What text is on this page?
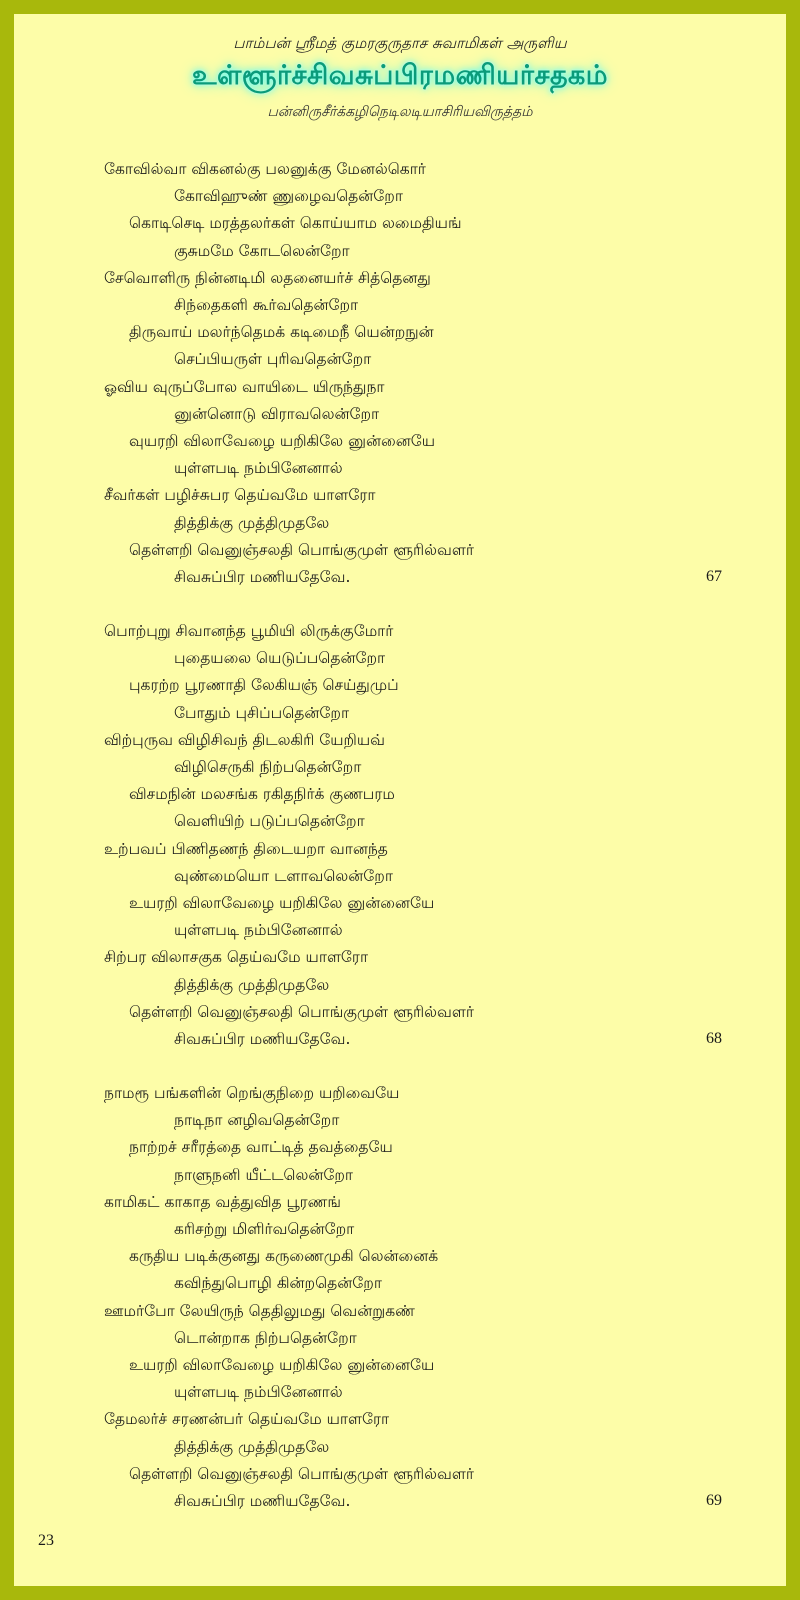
பாம்பன் ஸ்ரீமத் குமரகுருதாச சுவாமிகள் அருளிய
உள்ளூர்ச்சிவசுப்பிரமணியர்சதகம்
பன்னிருசீர்க்கழிநெடிலடியாசிரியவிருத்தம்
கோவில்வா விகனல்கு பலனுக்கு மேனல்கொர்
கோவிஹுண் ணுழைவதென்றோ
கொடிசெடி மரத்தலர்கள் கொய்யாம லமைதியங்
குசுமமே கோடலென்றோ
சேவொளிரு நின்னடிமி லதனையர்ச் சித்தெனது
சிந்தைகளி கூர்வதென்றோ
திருவாய் மலர்ந்தெமக் கடிமைநீ யென்றநுன்
செப்பியருள் புரிவதென்றோ
ஓவிய வுருப்போல வாயிடை யிருந்துநா
னுன்னொடு விராவலென்றோ
வுயரறி விலாவேழை யறிகிலே னுன்னையே
யுள்ளபடி நம்பினேனால்
சீவர்கள் பழிச்சுபர தெய்வமே யாளரோ
தித்திக்கு முத்திமுதலே
தெள்ளறி வெனுஞ்சலதி பொங்குமுள் ளூரில்வளர்
சிவசுப்பிர மணியதேவே.	67
பொற்புறு சிவானந்த பூமியி லிருக்குமோர்
புதையலை யெடுப்பதென்றோ
புகரற்ற பூரணாதி லேகியஞ் செய்துமுப்
போதும் புசிப்பதென்றோ
விற்புருவ விழிசிவந் திடலகிரி யேறியவ்
விழிசெருகி நிற்பதென்றோ
விசமநின் மலசங்க ரகிதநிர்க் குணபரம
வெளியிற் படுப்பதென்றோ
உற்பவப் பிணிதணந் திடையறா வானந்த
வுண்மையொ டளாவலென்றோ
உயரறி விலாவேழை யறிகிலே னுன்னையே
யுள்ளபடி நம்பினேனால்
சிற்பர விலாசகுக தெய்வமே யாளரோ
தித்திக்கு முத்திமுதலே
தெள்ளறி வெனுஞ்சலதி பொங்குமுள் ளூரில்வளர்
சிவசுப்பிர மணியதேவே.	68
நாமரூ பங்களின் றெங்குநிறை யறிவையே
நாடிநா னழிவதென்றோ
நாற்றச் சரீரத்தை வாட்டித் தவத்தையே
நாளுநனி யீட்டலென்றோ
காமிகட் காகாத வத்துவித பூரணங்
கரிசற்று மிளிர்வதென்றோ
கருதிய படிக்குனது கருணைமுகி லென்னைக்
கவிந்துபொழி கின்றதென்றோ
ஊமர்போ லேயிருந் தெதிலுமது வென்றுகண்
டொன்றாக நிற்பதென்றோ
உயரறி விலாவேழை யறிகிலே னுன்னையே
யுள்ளபடி நம்பினேனால்
தேமலர்ச் சரணன்பர் தெய்வமே யாளரோ
தித்திக்கு முத்திமுதலே
தெள்ளறி வெனுஞ்சலதி பொங்குமுள் ளூரில்வளர்
சிவசுப்பிர மணியதேவே.	69
23
